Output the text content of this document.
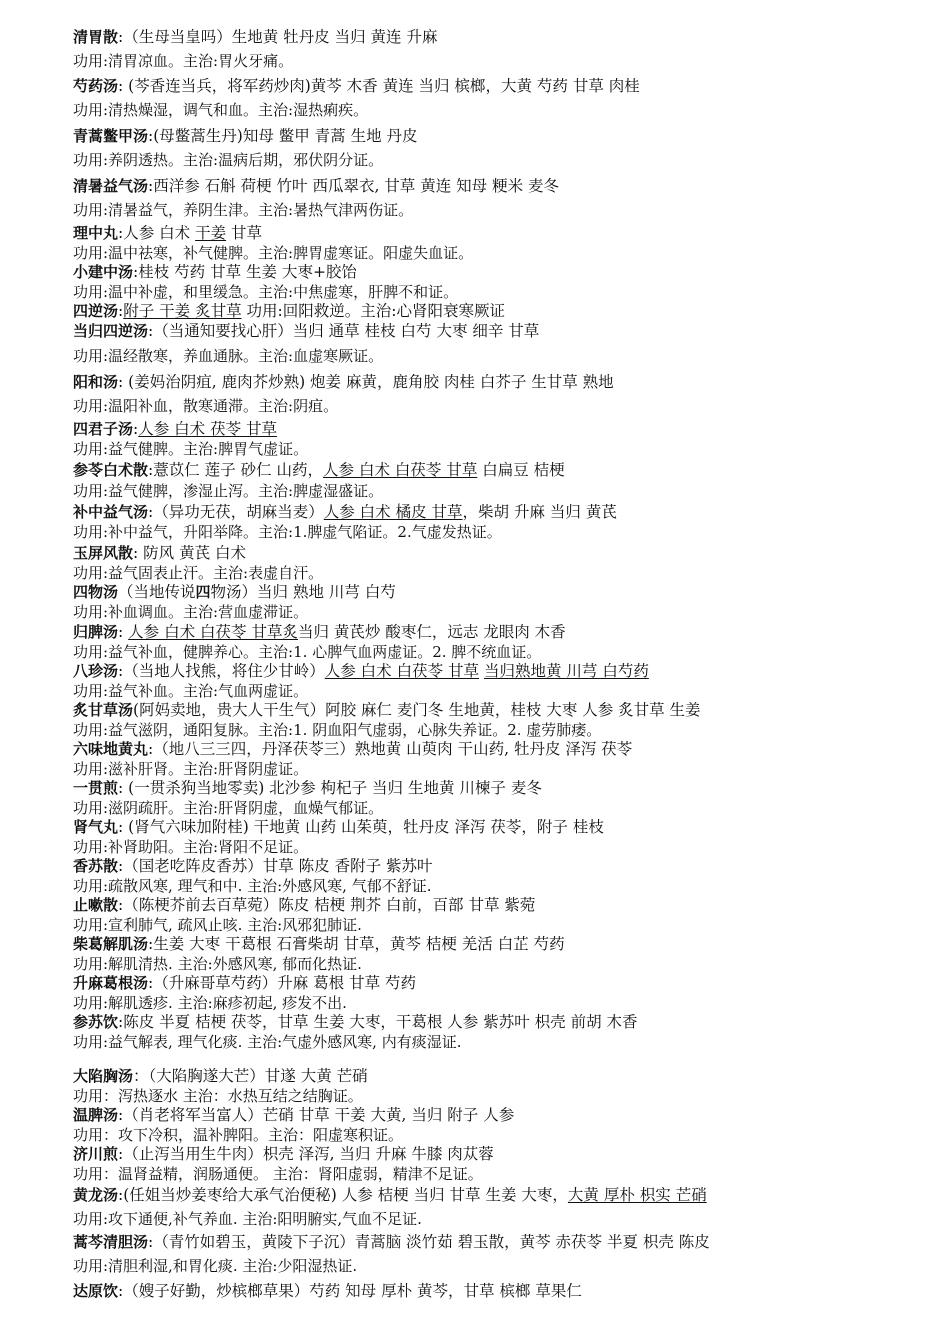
清胃散:（生母当皇吗）生地黄 牡丹皮 当归 黄连 升麻
功用:清胃凉血。主治:胃火牙痛。
芍药汤: (芩香连当兵，将军药炒肉)黄芩 木香 黄连 当归 槟榔，大黄 芍药 甘草 肉桂
功用:清热燥湿，调气和血。主治:湿热痢疾。
青蒿鳖甲汤:(母鳖蒿生丹)知母 鳖甲 青蒿 生地 丹皮
功用:养阴透热。主治:温病后期，邪伏阴分证。
清暑益气汤:西洋参 石斛 荷梗 竹叶 西瓜翠衣, 甘草 黄连 知母 粳米 麦冬
功用:清暑益气，养阴生津。主治:暑热气津两伤证。
理中丸:人参 白术 干姜 甘草
功用:温中祛寒，补气健脾。主治:脾胃虚寒证。阳虚失血证。
小建中汤:桂枝 芍药 甘草 生姜 大枣+胶饴
功用:温中补虚，和里缓急。主治:中焦虚寒，肝脾不和证。
四逆汤:附子 干姜 炙甘草 功用:回阳救逆。主治:心肾阳衰寒厥证
当归四逆汤:（当通知要找心肝）当归 通草 桂枝 白芍 大枣 细辛 甘草
功用:温经散寒，养血通脉。主治:血虚寒厥证。
阳和汤: (姜妈治阴疽, 鹿肉芥炒熟) 炮姜 麻黄，鹿角胶 肉桂 白芥子 生甘草 熟地
功用:温阳补血，散寒通滞。主治:阴疽。
四君子汤:人参 白术 茯苓 甘草
功用:益气健脾。主治:脾胃气虚证。
参苓白术散:薏苡仁 莲子 砂仁 山药，人参 白术 白茯苓 甘草 白扁豆 桔梗
功用:益气健脾，渗湿止泻。主治:脾虚湿盛证。
补中益气汤:（异功无茯，胡麻当麦）人参 白术 橘皮 甘草，柴胡 升麻 当归 黄芪
功用:补中益气，升阳举降。主治:1.脾虚气陷证。2.气虚发热证。
玉屏风散: 防风 黄芪 白术
功用:益气固表止汗。主治:表虚自汗。
四物汤（当地传说四物汤）当归 熟地 川芎 白芍
功用:补血调血。主治:营血虚滞证。
归脾汤: 人参 白术 白茯苓 甘草炙当归 黄芪炒 酸枣仁，远志 龙眼肉 木香
功用:益气补血，健脾养心。主治:1. 心脾气血两虚证。2. 脾不统血证。
八珍汤:（当地人找熊，将住少甘岭）人参 白术 白茯苓 甘草 当归熟地黄 川芎 白芍药
功用:益气补血。主治:气血两虚证。
炙甘草汤(阿妈卖地，贵大人干生气）阿胶 麻仁 麦门冬 生地黄，桂枝 大枣 人参 炙甘草 生姜
功用:益气滋阴，通阳复脉。主治:1. 阴血阳气虚弱，心脉失养证。2. 虚劳肺痿。
六味地黄丸:（地八三三四，丹泽茯苓三）熟地黄 山萸肉 干山药, 牡丹皮 泽泻 茯苓
功用:滋补肝肾。主治:肝肾阴虚证。
一贯煎: (一贯杀狗当地零卖) 北沙参 枸杞子 当归 生地黄 川楝子 麦冬
功用:滋阴疏肝。主治:肝肾阴虚，血燥气郁证。
肾气丸: (肾气六味加附桂) 干地黄 山药 山茱萸，牡丹皮 泽泻 茯苓，附子 桂枝
功用:补肾助阳。主治:肾阳不足证。
香苏散:（国老吃阵皮香苏）甘草 陈皮 香附子 紫苏叶
功用:疏散风寒, 理气和中. 主治:外感风寒, 气郁不舒证.
止嗽散:（陈梗芥前去百草菀）陈皮 桔梗 荆芥 白前，百部 甘草 紫菀
功用:宣利肺气, 疏风止咳. 主治:风邪犯肺证.
柴葛解肌汤:生姜 大枣 干葛根 石膏柴胡 甘草，黄芩 桔梗 羌活 白芷 芍药
功用:解肌清热. 主治:外感风寒, 郁而化热证.
升麻葛根汤:（升麻哥草芍药）升麻 葛根 甘草 芍药
功用:解肌透疹. 主治:麻疹初起, 疹发不出.
参苏饮:陈皮 半夏 桔梗 茯苓，甘草 生姜 大枣，干葛根 人参 紫苏叶 枳壳 前胡 木香
功用:益气解表, 理气化痰. 主治:气虚外感风寒, 内有痰湿证.
大陷胸汤：（大陷胸遂大芒）甘遂 大黄 芒硝
功用：泻热逐水 主治：水热互结之结胸证。
温脾汤:（肖老将军当富人）芒硝 甘草 干姜 大黄, 当归 附子 人参
功用：攻下冷积，温补脾阳。主治：阳虚寒积证。
济川煎:（止泻当用生牛肉）枳壳 泽泻, 当归 升麻 牛膝 肉苁蓉
功用：温肾益精，润肠通便。 主治：肾阳虚弱，精津不足证。
黄龙汤:(任姐当炒姜枣给大承气治便秘) 人参 桔梗 当归 甘草 生姜 大枣，大黄 厚朴 枳实 芒硝
功用:攻下通便,补气养血. 主治:阳明腑实,气血不足证.
蒿芩清胆汤:（青竹如碧玉，黄陵下子沉）青蒿脑 淡竹茹 碧玉散，黄芩 赤茯苓 半夏 枳壳 陈皮
功用:清胆利湿,和胃化痰. 主治:少阳湿热证.
达原饮:（嫂子好勤，炒槟榔草果）芍药 知母 厚朴 黄芩，甘草 槟榔 草果仁
